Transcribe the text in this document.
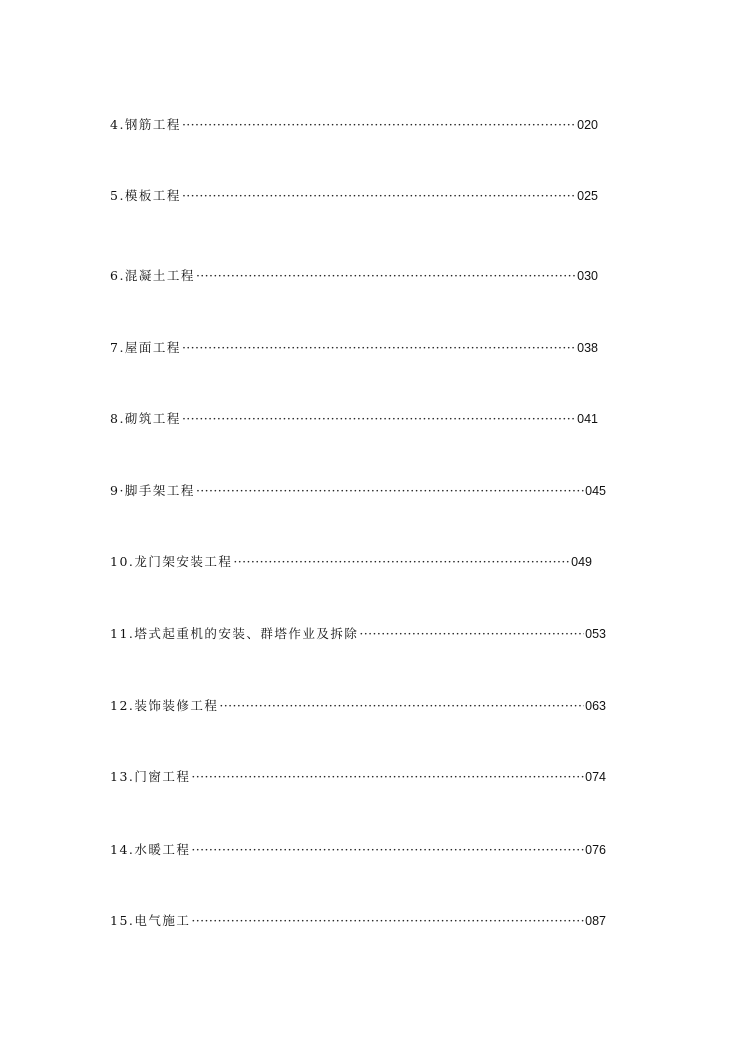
4.钢筋工程 ·····	020
5.模板工程 ·····	025
6.混凝土工程 ·····	030
7.屋面工程 ·····	038
8.砌筑工程 ·····	041
9·脚手架工程 ·····	045
10.龙门架安装工程 ·····	049
11.塔式起重机的安装、群塔作业及拆除 ·····	053
12.装饰装修工程 ·····	063
13.门窗工程 ·····	074
14.水暖工程 ·····	076
15.电气施工 ·····	087
